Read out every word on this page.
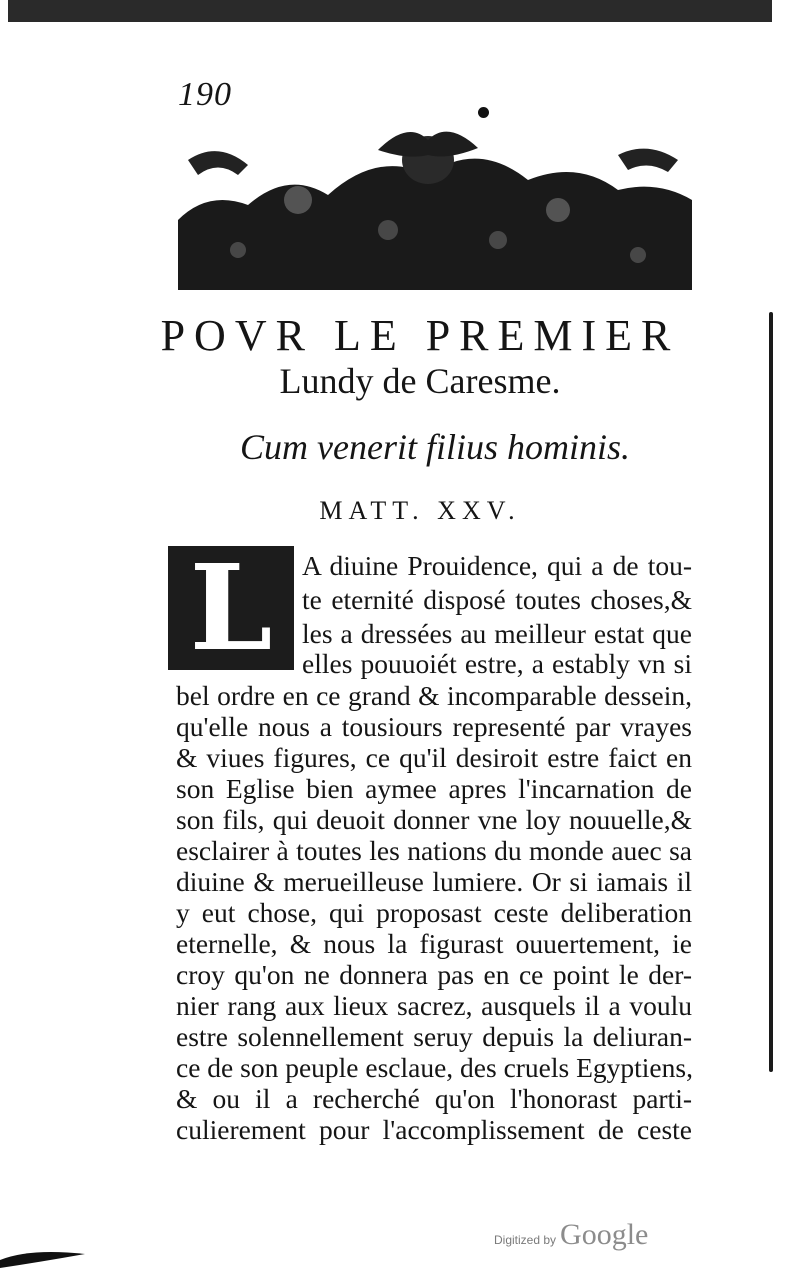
190
POVR LE PREMIER
Lundy de Caresme.
Cum venerit filius hominis.
MATT. XXV.
L	A diuine Prouidence, qui a de tou-
te eternité disposé toutes choses,&
les a dressées au meilleur estat que
elles pouuoiét estre, a estably vn si
bel ordre en ce grand & incomparable dessein,
qu'elle nous a tousiours representé par vrayes
& viues figures, ce qu'il desiroit estre faict en
son Eglise bien aymee apres l'incarnation de
son fils, qui deuoit donner vne loy nouuelle,&
esclairer à toutes les nations du monde auec sa
diuine & merueilleuse lumiere. Or si iamais il
y eut chose, qui proposast ceste deliberation
eternelle, & nous la figurast ouuertement, ie
croy qu'on ne donnera pas en ce point le der-
nier rang aux lieux sacrez, ausquels il a voulu
estre solennellement seruy depuis la deliuran-
ce de son peuple esclaue, des cruels Egyptiens,
& ou il a recherché qu'on l'honorast parti-
culierement pour l'accomplissement de ceste
Digitized by Google
